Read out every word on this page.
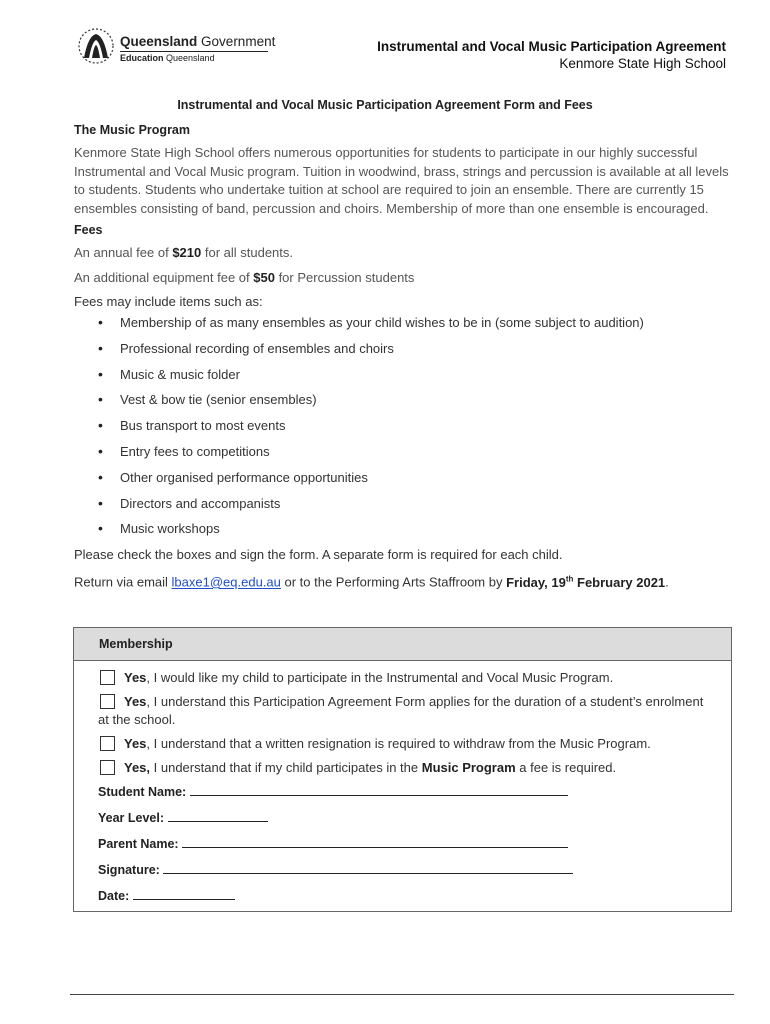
Queensland Government
Education Queensland
Instrumental and Vocal Music Participation Agreement
Kenmore State High School
Instrumental and Vocal Music Participation Agreement Form and Fees
The Music Program
Kenmore State High School offers numerous opportunities for students to participate in our highly successful Instrumental and Vocal Music program. Tuition in woodwind, brass, strings and percussion is available at all levels to students. Students who undertake tuition at school are required to join an ensemble. There are currently 15 ensembles consisting of band, percussion and choirs. Membership of more than one ensemble is encouraged.
Fees
An annual fee of $210 for all students.
An additional equipment fee of $50 for Percussion students
Fees may include items such as:
• Membership of as many ensembles as your child wishes to be in (some subject to audition)
• Professional recording of ensembles and choirs
• Music & music folder
• Vest & bow tie (senior ensembles)
• Bus transport to most events
• Entry fees to competitions
• Other organised performance opportunities
• Directors and accompanists
• Music workshops
Please check the boxes and sign the form. A separate form is required for each child.
Return via email lbaxe1@eq.edu.au or to the Performing Arts Staffroom by Friday, 19th February 2021.
Membership
Yes, I would like my child to participate in the Instrumental and Vocal Music Program.
Yes, I understand this Participation Agreement Form applies for the duration of a student’s enrolment at the school.
Yes, I understand that a written resignation is required to withdraw from the Music Program.
Yes, I understand that if my child participates in the Music Program a fee is required.
Student Name:
Year Level:
Parent Name:
Signature:
Date:
